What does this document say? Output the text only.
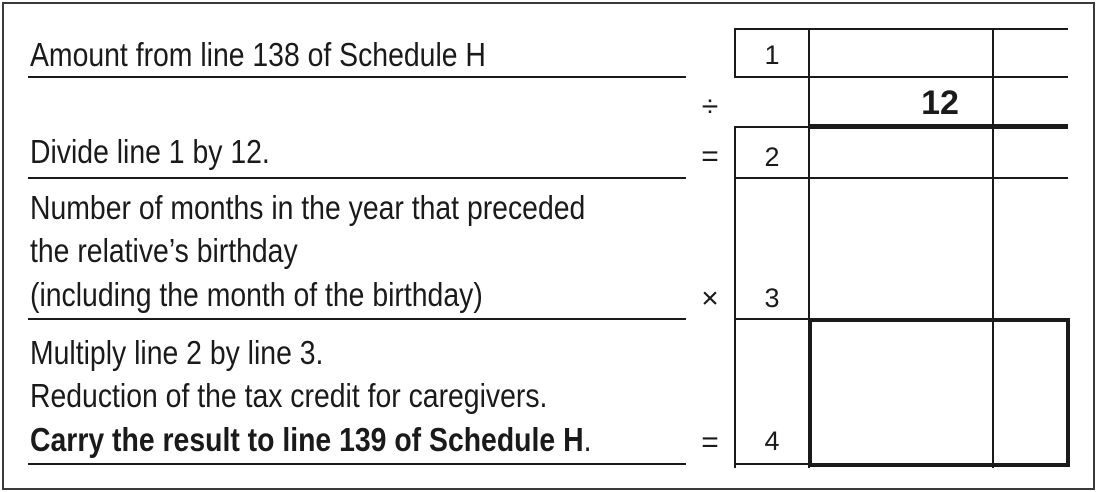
Amount from line 138 of Schedule H	1
÷	12
Divide line 1 by 12.	=	2
Number of months in the year that preceded
the relative’s birthday
(including the month of the birthday)	×	3
Multiply line 2 by line 3.
Reduction of the tax credit for caregivers.
Carry the result to line 139 of Schedule H.	=	4
